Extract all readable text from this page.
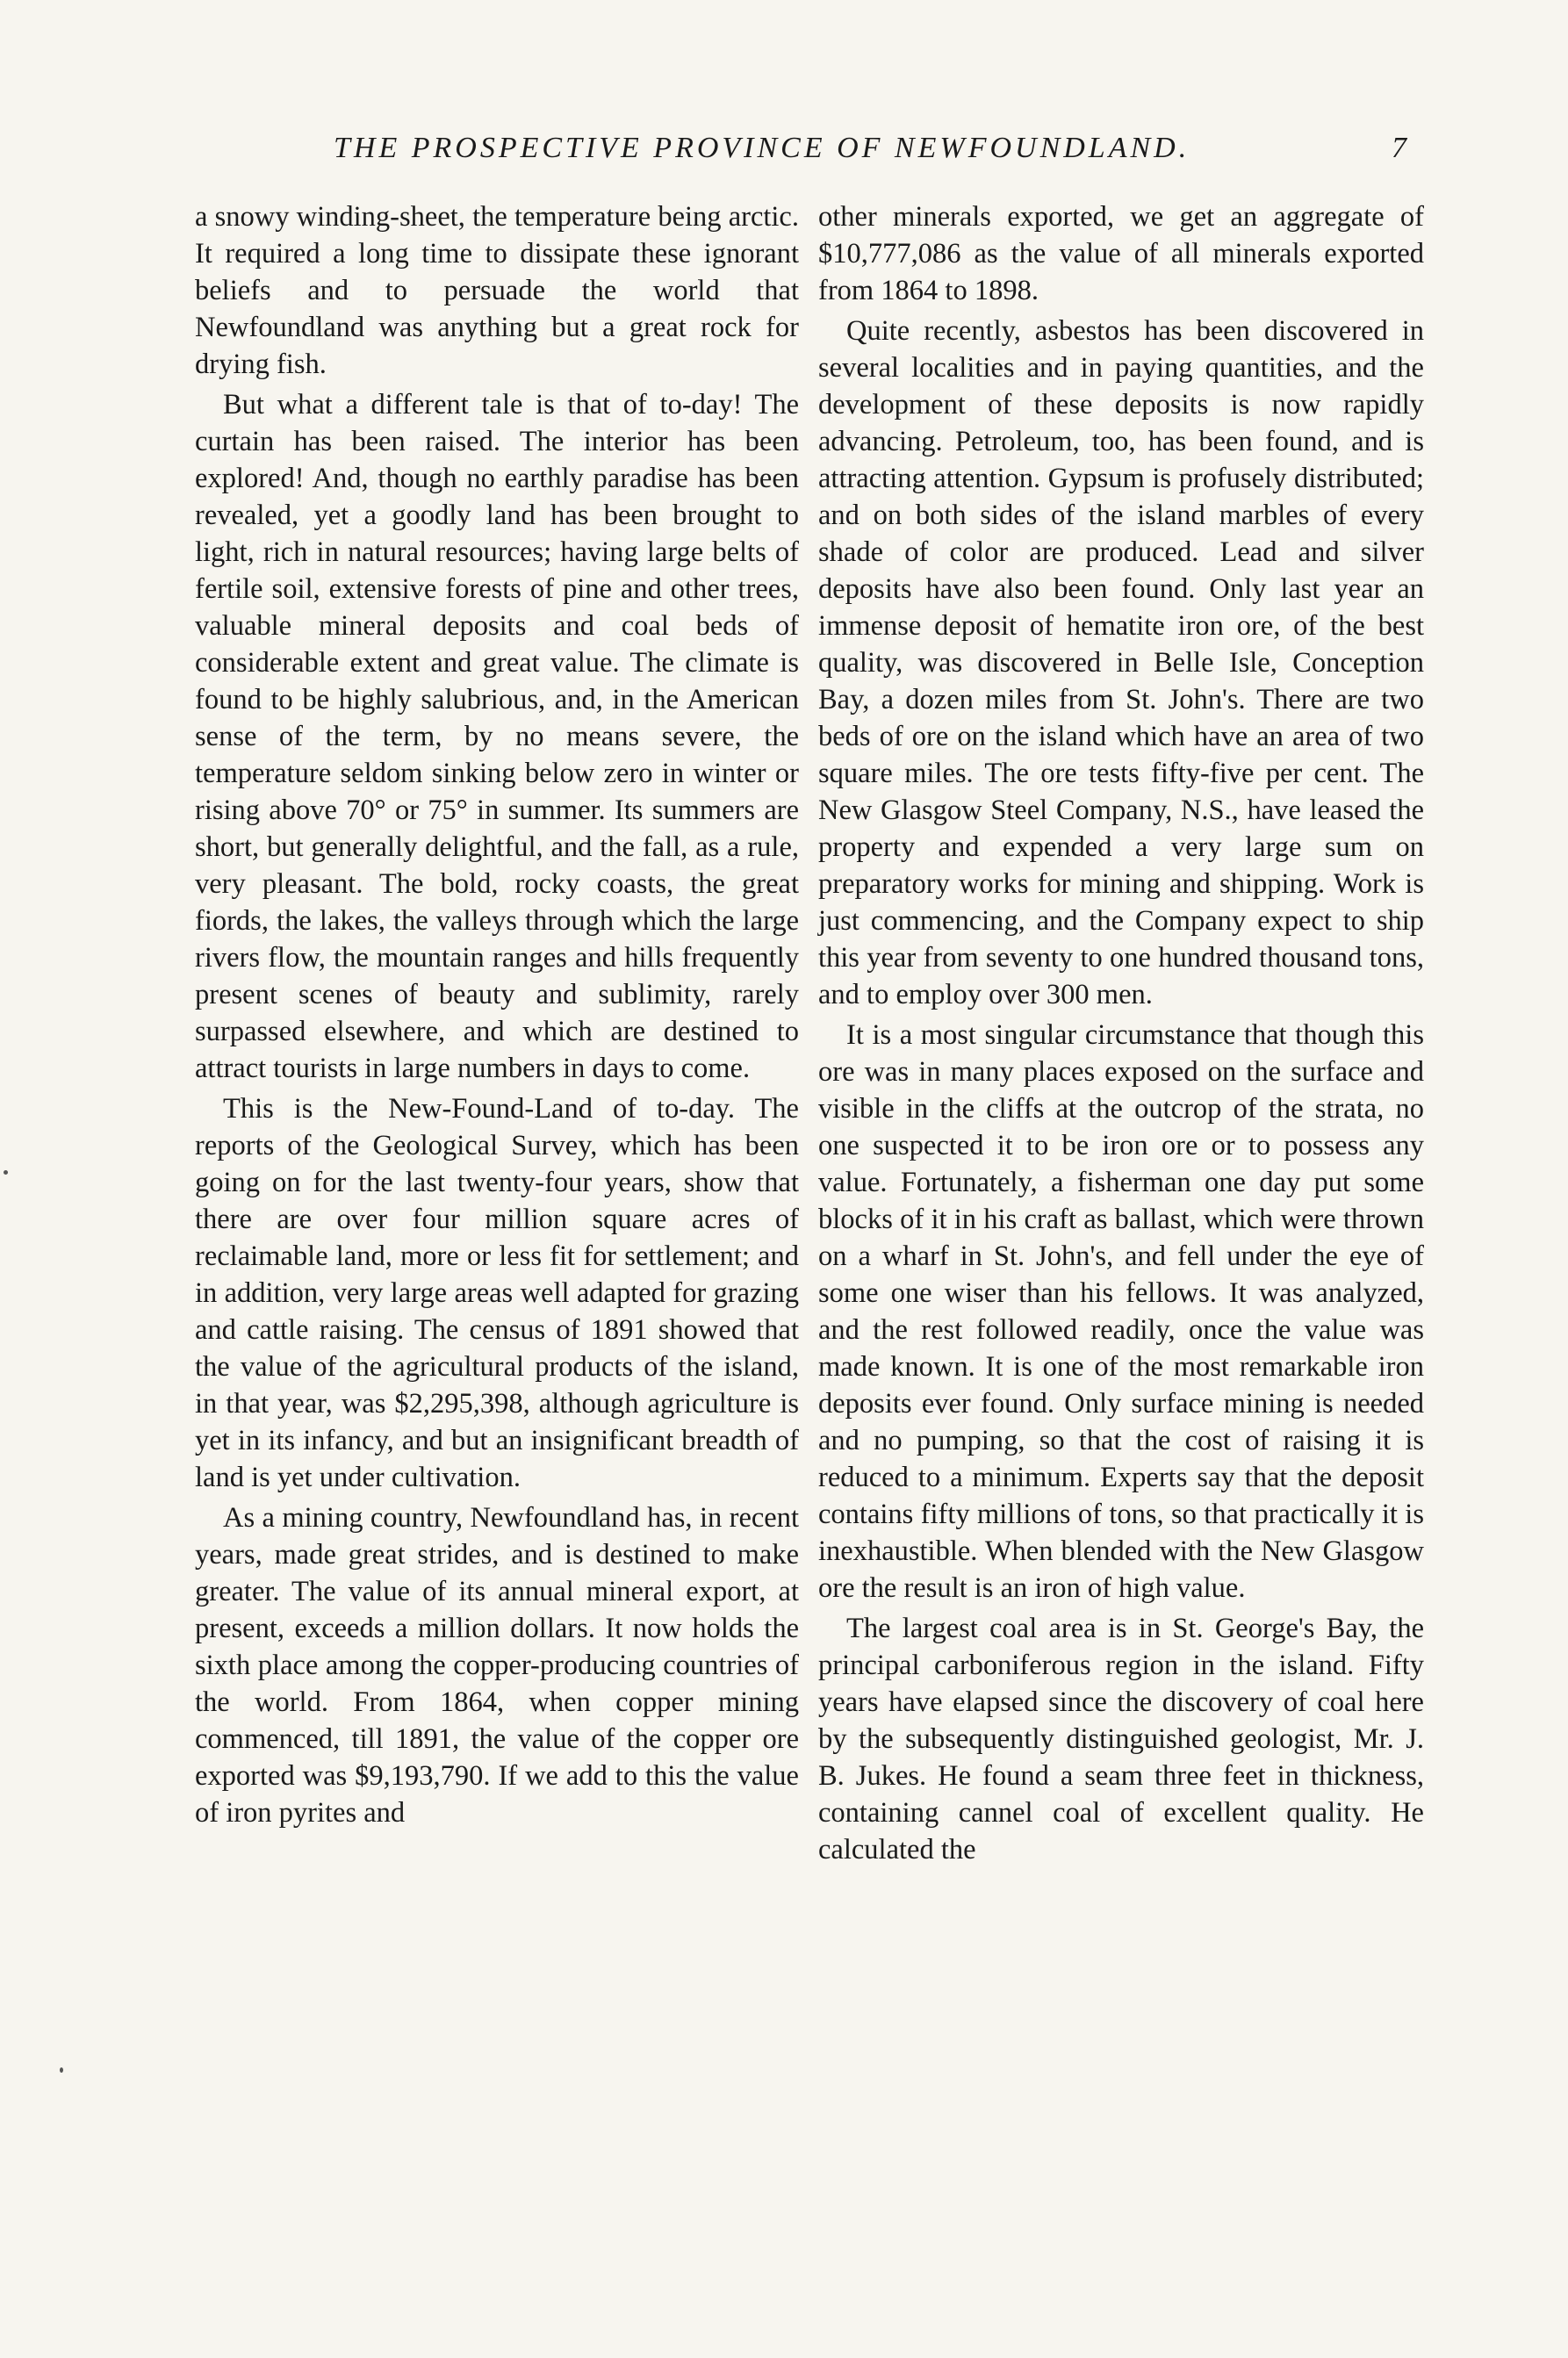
THE PROSPECTIVE PROVINCE OF NEWFOUNDLAND.	7

a snowy winding-sheet, the temperature being arctic. It required a long time to dissipate these ignorant beliefs and to persuade the world that Newfoundland was anything but a great rock for drying fish.

But what a different tale is that of to-day! The curtain has been raised. The interior has been explored! And, though no earthly paradise has been revealed, yet a goodly land has been brought to light, rich in natural resources; having large belts of fertile soil, extensive forests of pine and other trees, valuable mineral deposits and coal beds of considerable extent and great value. The climate is found to be highly salubrious, and, in the American sense of the term, by no means severe, the temperature seldom sinking below zero in winter or rising above 70° or 75° in summer. Its summers are short, but generally delightful, and the fall, as a rule, very pleasant. The bold, rocky coasts, the great fiords, the lakes, the valleys through which the large rivers flow, the mountain ranges and hills frequently present scenes of beauty and sublimity, rarely surpassed elsewhere, and which are destined to attract tourists in large numbers in days to come.

This is the New-Found-Land of to-day. The reports of the Geological Survey, which has been going on for the last twenty-four years, show that there are over four million square acres of reclaimable land, more or less fit for settlement; and in addition, very large areas well adapted for grazing and cattle raising. The census of 1891 showed that the value of the agricultural products of the island, in that year, was $2,295,398, although agriculture is yet in its infancy, and but an insignificant breadth of land is yet under cultivation.

As a mining country, Newfoundland has, in recent years, made great strides, and is destined to make greater. The value of its annual mineral export, at present, exceeds a million dollars. It now holds the sixth place among the copper-producing countries of the world. From 1864, when copper mining commenced, till 1891, the value of the copper ore exported was $9,193,790. If we add to this the value of iron pyrites and

other minerals exported, we get an aggregate of $10,777,086 as the value of all minerals exported from 1864 to 1898.

Quite recently, asbestos has been discovered in several localities and in paying quantities, and the development of these deposits is now rapidly advancing. Petroleum, too, has been found, and is attracting attention. Gypsum is profusely distributed; and on both sides of the island marbles of every shade of color are produced. Lead and silver deposits have also been found. Only last year an immense deposit of hematite iron ore, of the best quality, was discovered in Belle Isle, Conception Bay, a dozen miles from St. John's. There are two beds of ore on the island which have an area of two square miles. The ore tests fifty-five per cent. The New Glasgow Steel Company, N.S., have leased the property and expended a very large sum on preparatory works for mining and shipping. Work is just commencing, and the Company expect to ship this year from seventy to one hundred thousand tons, and to employ over 300 men.

It is a most singular circumstance that though this ore was in many places exposed on the surface and visible in the cliffs at the outcrop of the strata, no one suspected it to be iron ore or to possess any value. Fortunately, a fisherman one day put some blocks of it in his craft as ballast, which were thrown on a wharf in St. John's, and fell under the eye of some one wiser than his fellows. It was analyzed, and the rest followed readily, once the value was made known. It is one of the most remarkable iron deposits ever found. Only surface mining is needed and no pumping, so that the cost of raising it is reduced to a minimum. Experts say that the deposit contains fifty millions of tons, so that practically it is inexhaustible. When blended with the New Glasgow ore the result is an iron of high value.

The largest coal area is in St. George's Bay, the principal carboniferous region in the island. Fifty years have elapsed since the discovery of coal here by the subsequently distinguished geologist, Mr. J. B. Jukes. He found a seam three feet in thickness, containing cannel coal of excellent quality. He calculated the
